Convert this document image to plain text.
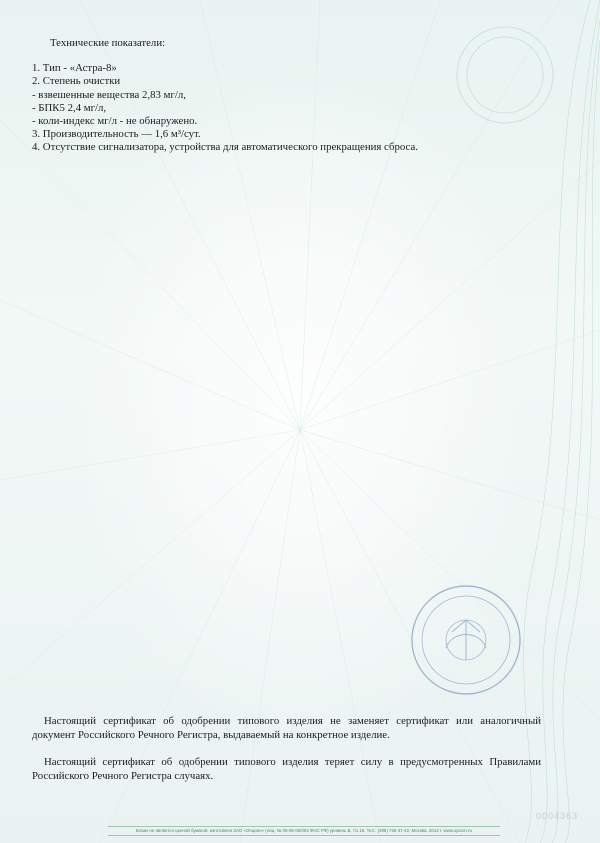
Технические показатели:
1. Тип - «Астра-8»
2. Степень очистки
- взвешенные вещества 2,83 мг/л,
- БПК5 2,4 мг/л,
- коли-индекс мг/л - не обнаружено.
3. Производительность — 1,6 м³/сут.
4. Отсутствие сигнализатора, устройства для автоматического прекращения сброса.
Настоящий сертификат об одобрении типового изделия не заменяет сертификат или аналогичный документ Российского Речного Регистра, выдаваемый на конкретное изделие.
Настоящий сертификат об одобрении типового изделия теряет силу в предусмотренных Правилами Российского Речного Регистра случаях.
0004363
Бланк не является ценной бумагой, изготовлен ЗАО «Опцион» (лиц. № 05-05-06/003 ФНС РФ) уровень В, т/з 16. Тел.: (495) 726-47-42, Москва, 2013 г. www.opcion.ru
